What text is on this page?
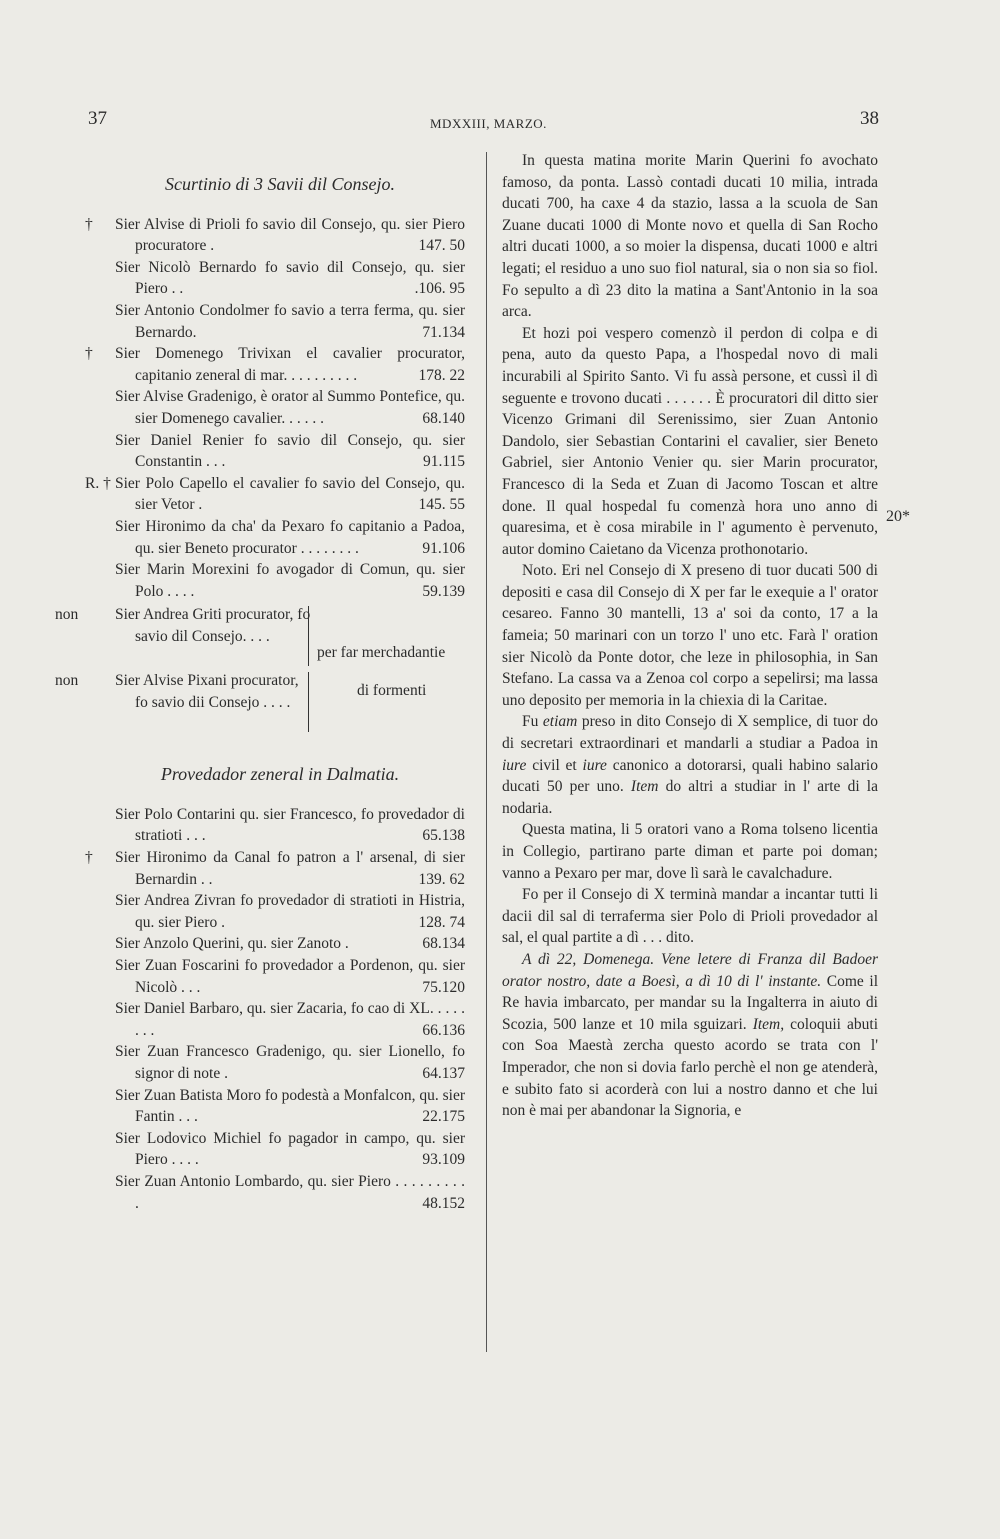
37	MDXXIII, MARZO.	38
Scurtinio di 3 Savii dil Consejo.
† Sier Alvise di Prioli fo savio dil Consejo, qu. sier Piero procuratore .	147. 50
Sier Nicolò Bernardo fo savio dil Consejo, qu. sier Piero . .	.106. 95
Sier Antonio Condolmer fo savio a terra ferma, qu. sier Bernardo.	71.134
† Sier Domenego Trivixan el cavalier procurator, capitanio zeneral di mar. . . . . . . . . .	178. 22
Sier Alvise Gradenigo, è orator al Summo Pontefice, qu. sier Domenego cavalier. . . . . .	68.140
Sier Daniel Renier fo savio dil Consejo, qu. sier Constantin . . .	91.115
R. † Sier Polo Capello el cavalier fo savio del Consejo, qu. sier Vetor .	145. 55
Sier Hironimo da cha' da Pexaro fo capitanio a Padoa, qu. sier Beneto procurator . . . . . . . .	91.106
Sier Marin Morexini fo avogador di Comun, qu. sier Polo . . . .	59.139
non Sier Andrea Griti procurator, fo savio dil Consejo. . . .
non Sier Alvise Pixani procurator, fo savio dii Consejo . . . .
per far merchadantie
di formenti
Provedador zeneral in Dalmatia.
Sier Polo Contarini qu. sier Francesco, fo provedador di stratioti . . .	65.138
† Sier Hironimo da Canal fo patron a l' arsenal, di sier Bernardin . .	139. 62
Sier Andrea Zivran fo provedador di stratioti in Histria, qu. sier Piero .	128. 74
Sier Anzolo Querini, qu. sier Zanoto .	68.134
Sier Zuan Foscarini fo provedador a Pordenon, qu. sier Nicolò . . .	75.120
Sier Daniel Barbaro, qu. sier Zacaria, fo cao di XL. . . . . . . .	66.136
Sier Zuan Francesco Gradenigo, qu. sier Lionello, fo signor di note .	64.137
Sier Zuan Batista Moro fo podestà a Monfalcon, qu. sier Fantin . . .	22.175
Sier Lodovico Michiel fo pagador in campo, qu. sier Piero . . . .	93.109
Sier Zuan Antonio Lombardo, qu. sier Piero . . . . . . . . . .	48.152

In questa matina morite Marin Querini fo avochato famoso, da ponta. Lassò contadi ducati 10 milia, intrada ducati 700, ha caxe 4 da stazio, lassa a la scuola de San Zuane ducati 1000 di Monte novo et quella di San Rocho altri ducati 1000, a so moier la dispensa, ducati 1000 e altri legati; el residuo a uno suo fiol natural, sia o non sia so fiol. Fo sepulto a dì 23 dito la matina a Sant'Antonio in la soa arca.

Et hozi poi vespero comenzò il perdon di colpa e di pena, auto da questo Papa, a l'hospedal novo di mali incurabili al Spirito Santo. Vi fu assà persone, et cussì il dì seguente e trovono ducati . . . . . . È procuratori dil ditto sier Vicenzo Grimani dil Serenissimo, sier Zuan Antonio Dandolo, sier Sebastian Contarini el cavalier, sier Beneto Gabriel, sier Antonio Venier qu. sier Marin procurator, Francesco di la Seda et Zuan di Jacomo Toscan et altre done. Il qual hospedal fu comenzà hora uno anno di quaresima, et è cosa mirabile in l' agumento è pervenuto, autor domino Caietano da Vicenza prothonotario.

Noto. Eri nel Consejo di X preseno di tuor ducati 500 di depositi e casa dil Consejo di X per far le exequie a l' orator cesareo. Fanno 30 mantelli, 13 a' soi da conto, 17 a la fameia; 50 marinari con un torzo l' uno etc. Farà l' oration sier Nicolò da Ponte dotor, che leze in philosophia, in San Stefano. La cassa va a Zenoa col corpo a sepelirsi; ma lassa uno deposito per memoria in la chiexia di la Caritae.

Fu etiam preso in dito Consejo di X semplice, di tuor do di secretari extraordinari et mandarli a studiar a Padoa in iure civil et iure canonico a dotorarsi, quali habino salario ducati 50 per uno. Item do altri a studiar in l' arte di la nodaria.

Questa matina, li 5 oratori vano a Roma tolseno licentia in Collegio, partirano parte diman et parte poi doman; vanno a Pexaro per mar, dove lì sarà le cavalchadure.

Fo per il Consejo di X terminà mandar a incantar tutti li dacii dil sal di terraferma sier Polo di Prioli provedador al sal, el qual partite a dì . . . dito.

A dì 22, Domenega. Vene letere di Franza dil Badoer orator nostro, date a Boesì, a dì 10 di l' instante. Come il Re havia imbarcato, per mandar su la Ingalterra in aiuto di Scozia, 500 lanze et 10 mila sguizari. Item, coloquii abuti con Soa Maestà zercha questo acordo se trata con l' Imperador, che non si dovia farlo perchè el non ge atenderà, e subito fato si acorderà con lui a nostro danno et che lui non è mai per abandonar la Signoria, e

20*
